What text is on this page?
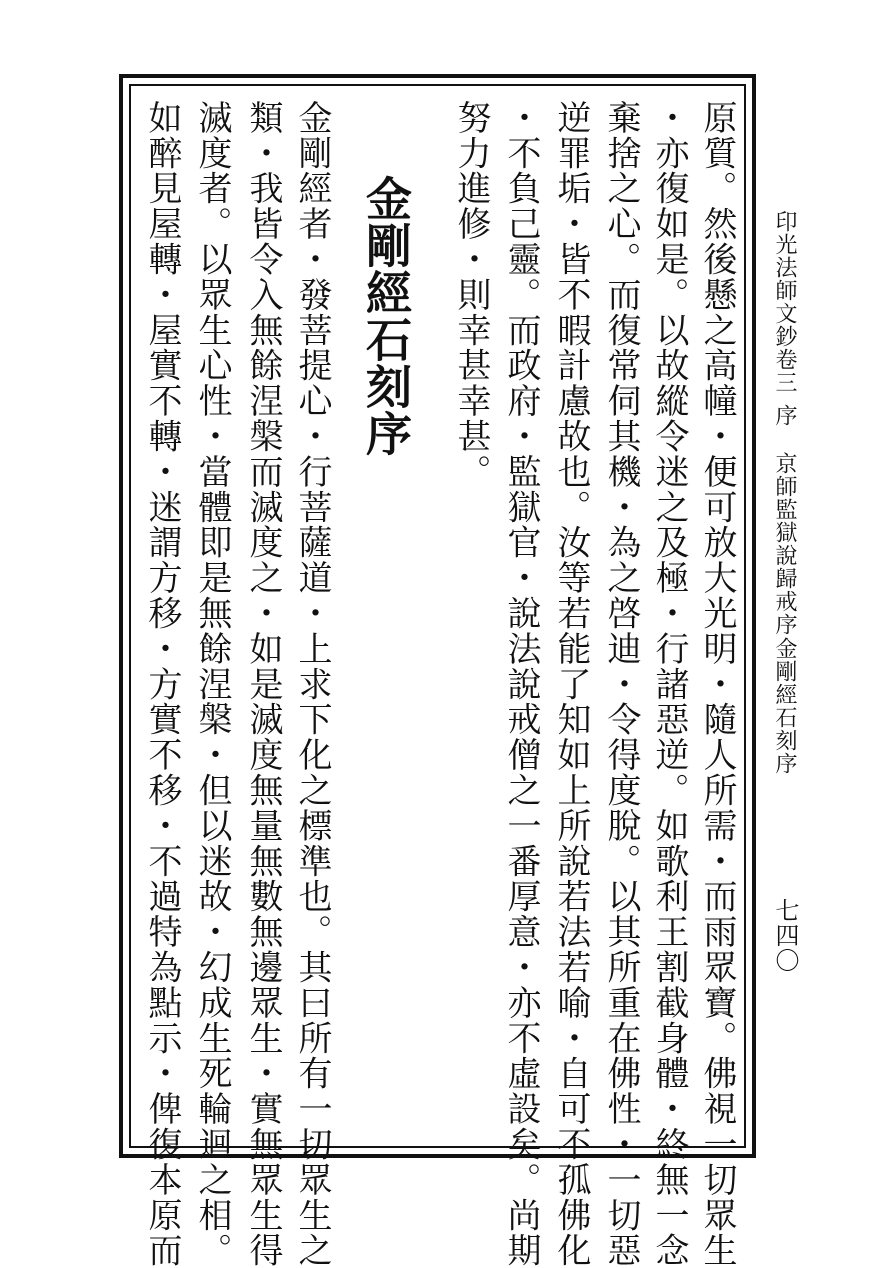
印光法師文鈔卷三
序
京師監獄說歸戒序
金剛經石刻序
七四〇
原質。然後懸之高幢・便可放大光明・隨人所需・而雨眾寶。佛視一切眾生
・亦復如是。以故縱令迷之及極・行諸惡逆。如歌利王割截身體・終無一念
棄捨之心。而復常伺其機・為之啓迪・令得度脫。以其所重在佛性・一切惡
逆罪垢・皆不暇計慮故也。汝等若能了知如上所說若法若喻・自可不孤佛化
・不負己靈。而政府・監獄官・說法說戒僧之一番厚意・亦不虛設矣。尚期
努力進修・則幸甚幸甚。
金剛經石刻序
金剛經者・發菩提心・行菩薩道・上求下化之標準也。其曰所有一切眾生之
類・我皆令入無餘涅槃而滅度之・如是滅度無量無數無邊眾生・實無眾生得
滅度者。以眾生心性・當體即是無餘涅槃・但以迷故・幻成生死輪迴之相。
如醉見屋轉・屋實不轉・迷謂方移・方實不移・不過特為點示・俾復本原而
